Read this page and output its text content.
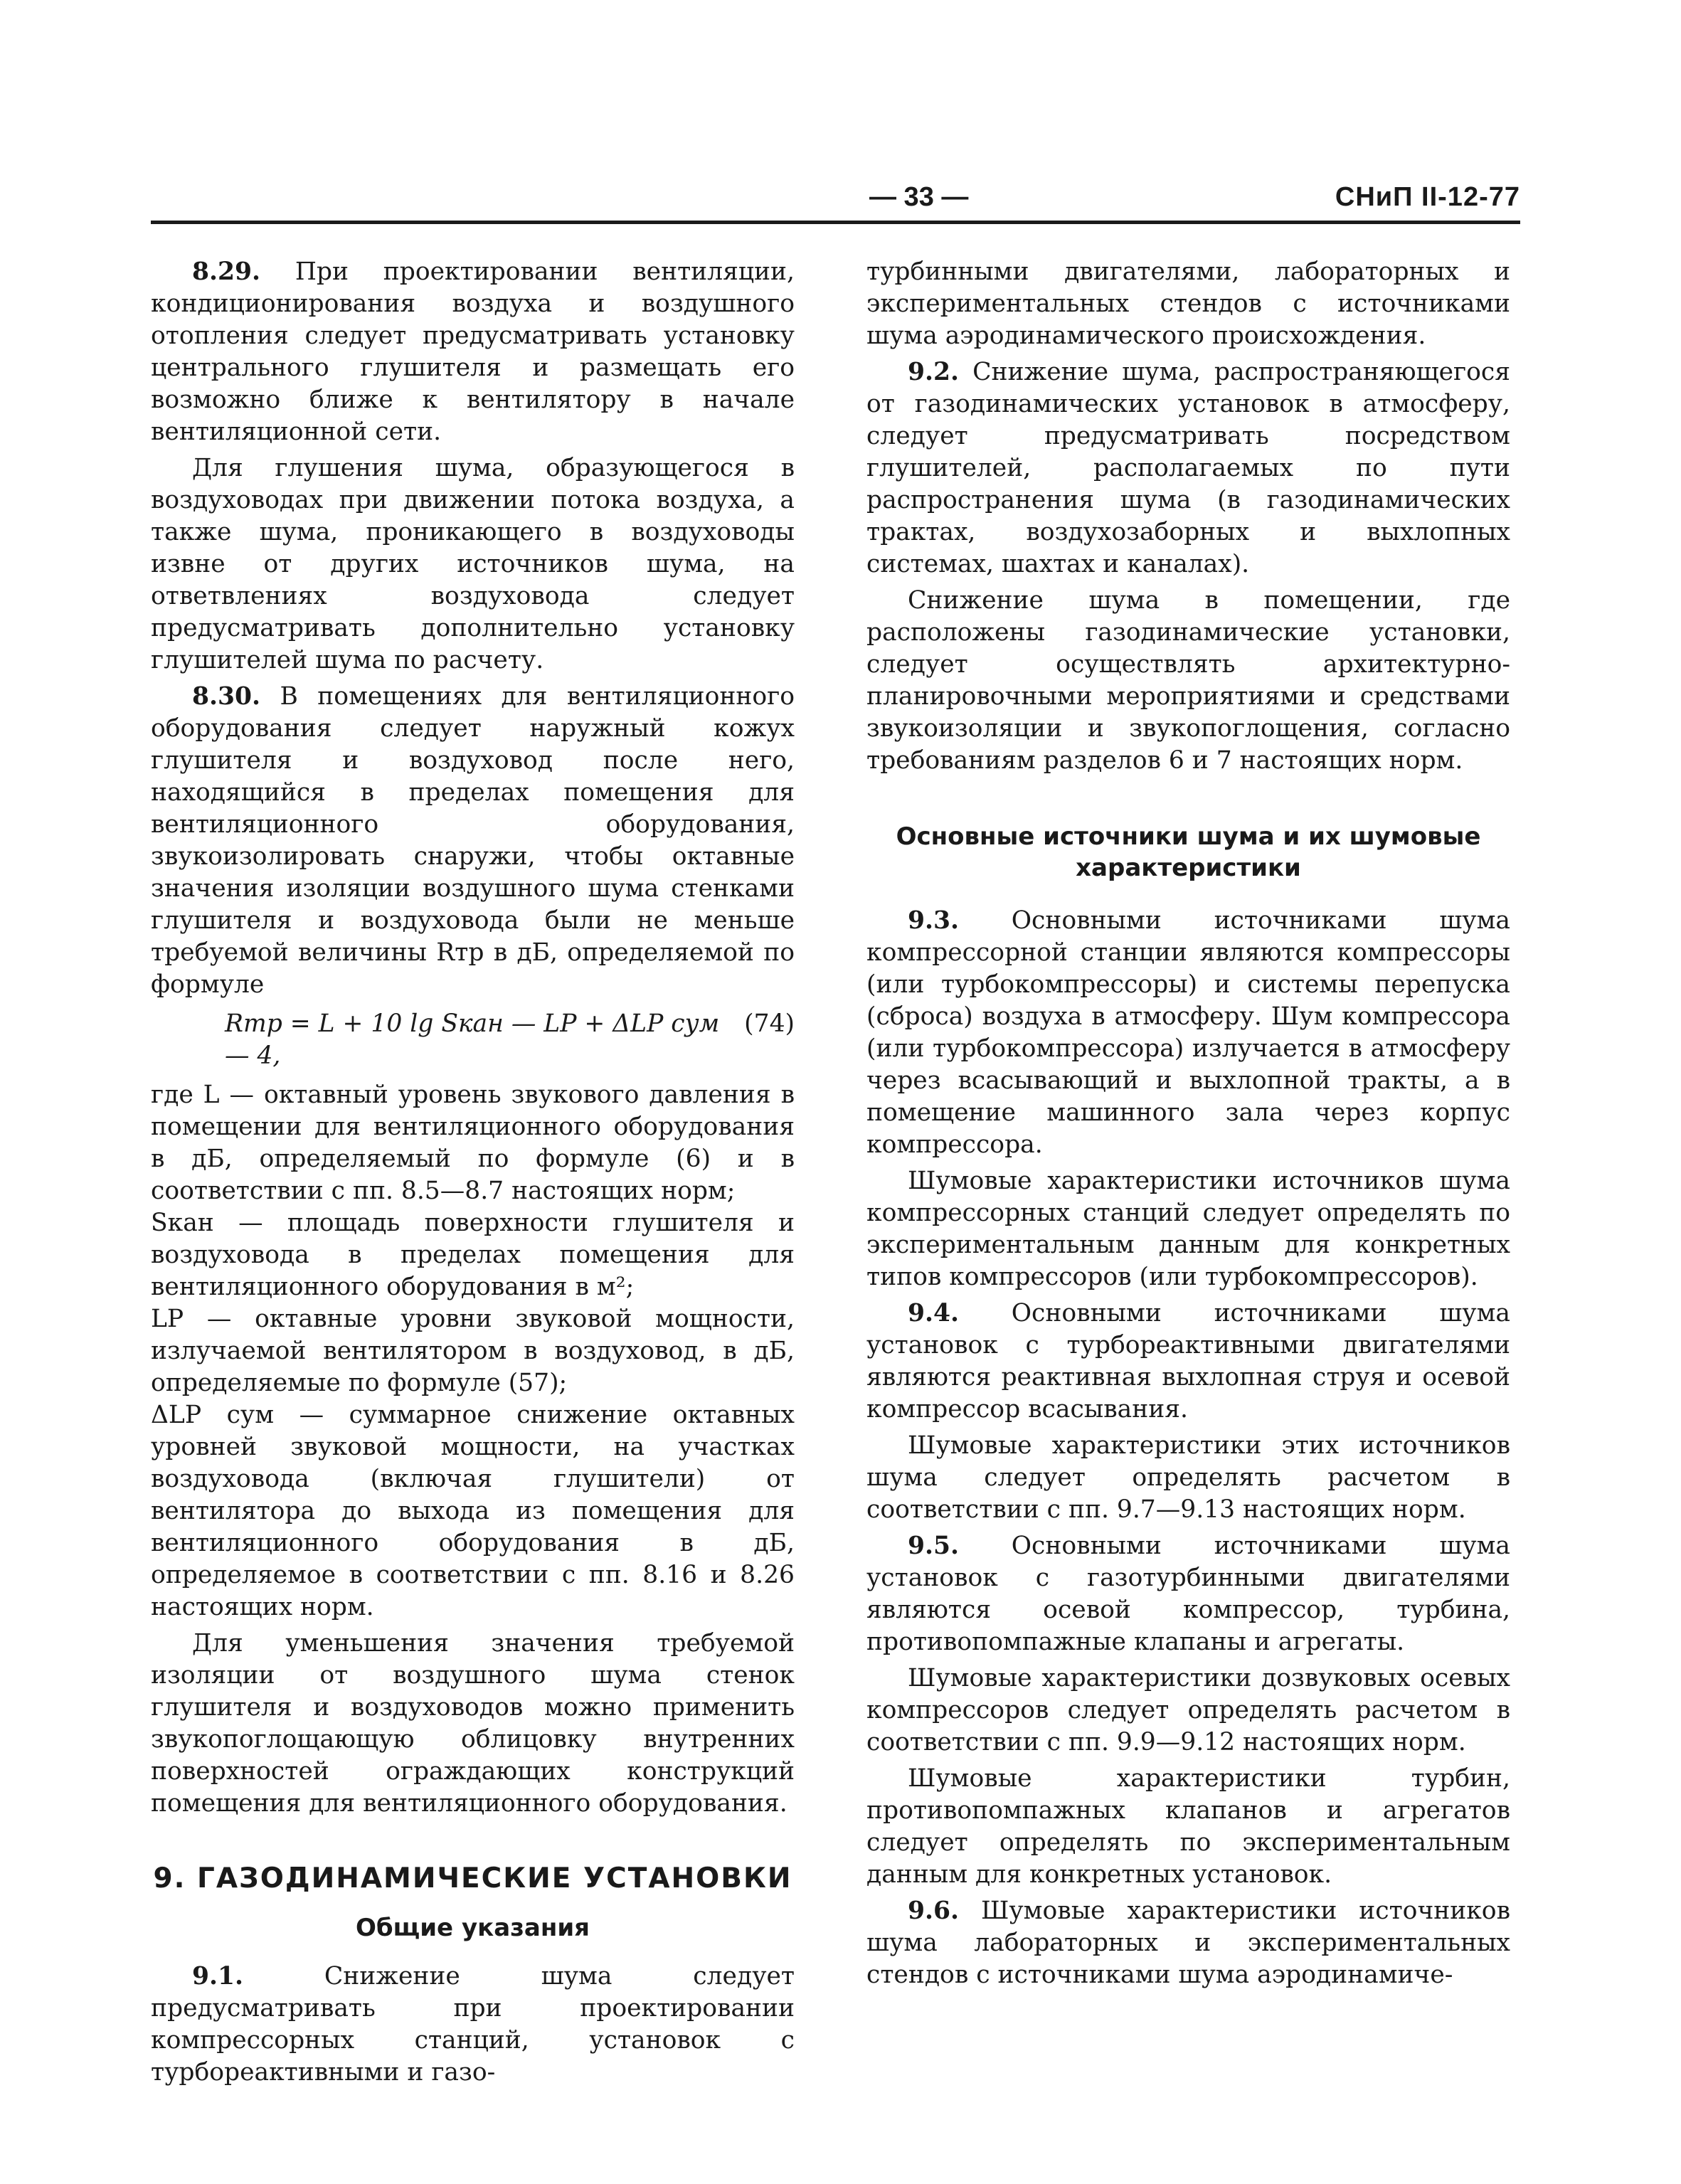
— 33 —	СНиП II-12-77

8.29. При проектировании вентиляции, кондиционирования воздуха и воздушного отопления следует предусматривать установку центрального глушителя и размещать его возможно ближе к вентилятору в начале вентиляционной сети.

Для глушения шума, образующегося в воздуховодах при движении потока воздуха, а также шума, проникающего в воздуховоды извне от других источников шума, на ответвлениях воздуховода следует предусматривать дополнительно установку глушителей шума по расчету.

8.30. В помещениях для вентиляционного оборудования следует наружный кожух глушителя и воздуховод после него, находящийся в пределах помещения для вентиляционного оборудования, звукоизолировать снаружи, чтобы октавные значения изоляции воздушного шума стенками глушителя и воздуховода были не меньше требуемой величины Rтр в дБ, определяемой по формуле

Rтр = L + 10 lg Sкан — LР + ΔLР сум — 4,
(74)

где L — октавный уровень звукового давления в помещении для вентиляционного оборудования в дБ, определяемый по формуле (6) и в соответствии с пп. 8.5—8.7 настоящих норм;

Sкан — площадь поверхности глушителя и воздуховода в пределах помещения для вентиляционного оборудования в м²;

LР — октавные уровни звуковой мощности, излучаемой вентилятором в воздуховод, в дБ, определяемые по формуле (57);

ΔLР сум — суммарное снижение октавных уровней звуковой мощности, на участках воздуховода (включая глушители) от вентилятора до выхода из помещения для вентиляционного оборудования в дБ, определяемое в соответствии с пп. 8.16 и 8.26 настоящих норм.

Для уменьшения значения требуемой изоляции от воздушного шума стенок глушителя и воздуховодов можно применить звукопоглощающую облицовку внутренних поверхностей ограждающих конструкций помещения для вентиляционного оборудования.

9. ГАЗОДИНАМИЧЕСКИЕ УСТАНОВКИ
Общие указания

9.1. Снижение шума следует предусматривать при проектировании компрессорных станций, установок с турбореактивными и газо-

турбинными двигателями, лабораторных и экспериментальных стендов с источниками шума аэродинамического происхождения.

9.2. Снижение шума, распространяющегося от газодинамических установок в атмосферу, следует предусматривать посредством глушителей, располагаемых по пути распространения шума (в газодинамических трактах, воздухозаборных и выхлопных системах, шахтах и каналах).

Снижение шума в помещении, где расположены газодинамические установки, следует осуществлять архитектурно-планировочными мероприятиями и средствами звукоизоляции и звукопоглощения, согласно требованиям разделов 6 и 7 настоящих норм.

Основные источники шума и их шумовые характеристики

9.3. Основными источниками шума компрессорной станции являются компрессоры (или турбокомпрессоры) и системы перепуска (сброса) воздуха в атмосферу. Шум компрессора (или турбокомпрессора) излучается в атмосферу через всасывающий и выхлопной тракты, а в помещение машинного зала через корпус компрессора.

Шумовые характеристики источников шума компрессорных станций следует определять по экспериментальным данным для конкретных типов компрессоров (или турбокомпрессоров).

9.4. Основными источниками шума установок с турбореактивными двигателями являются реактивная выхлопная струя и осевой компрессор всасывания.

Шумовые характеристики этих источников шума следует определять расчетом в соответствии с пп. 9.7—9.13 настоящих норм.

9.5. Основными источниками шума установок с газотурбинными двигателями являются осевой компрессор, турбина, противопомпажные клапаны и агрегаты.

Шумовые характеристики дозвуковых осевых компрессоров следует определять расчетом в соответствии с пп. 9.9—9.12 настоящих норм.

Шумовые характеристики турбин, противопомпажных клапанов и агрегатов следует определять по экспериментальным данным для конкретных установок.

9.6. Шумовые характеристики источников шума лабораторных и экспериментальных стендов с источниками шума аэродинамиче-
